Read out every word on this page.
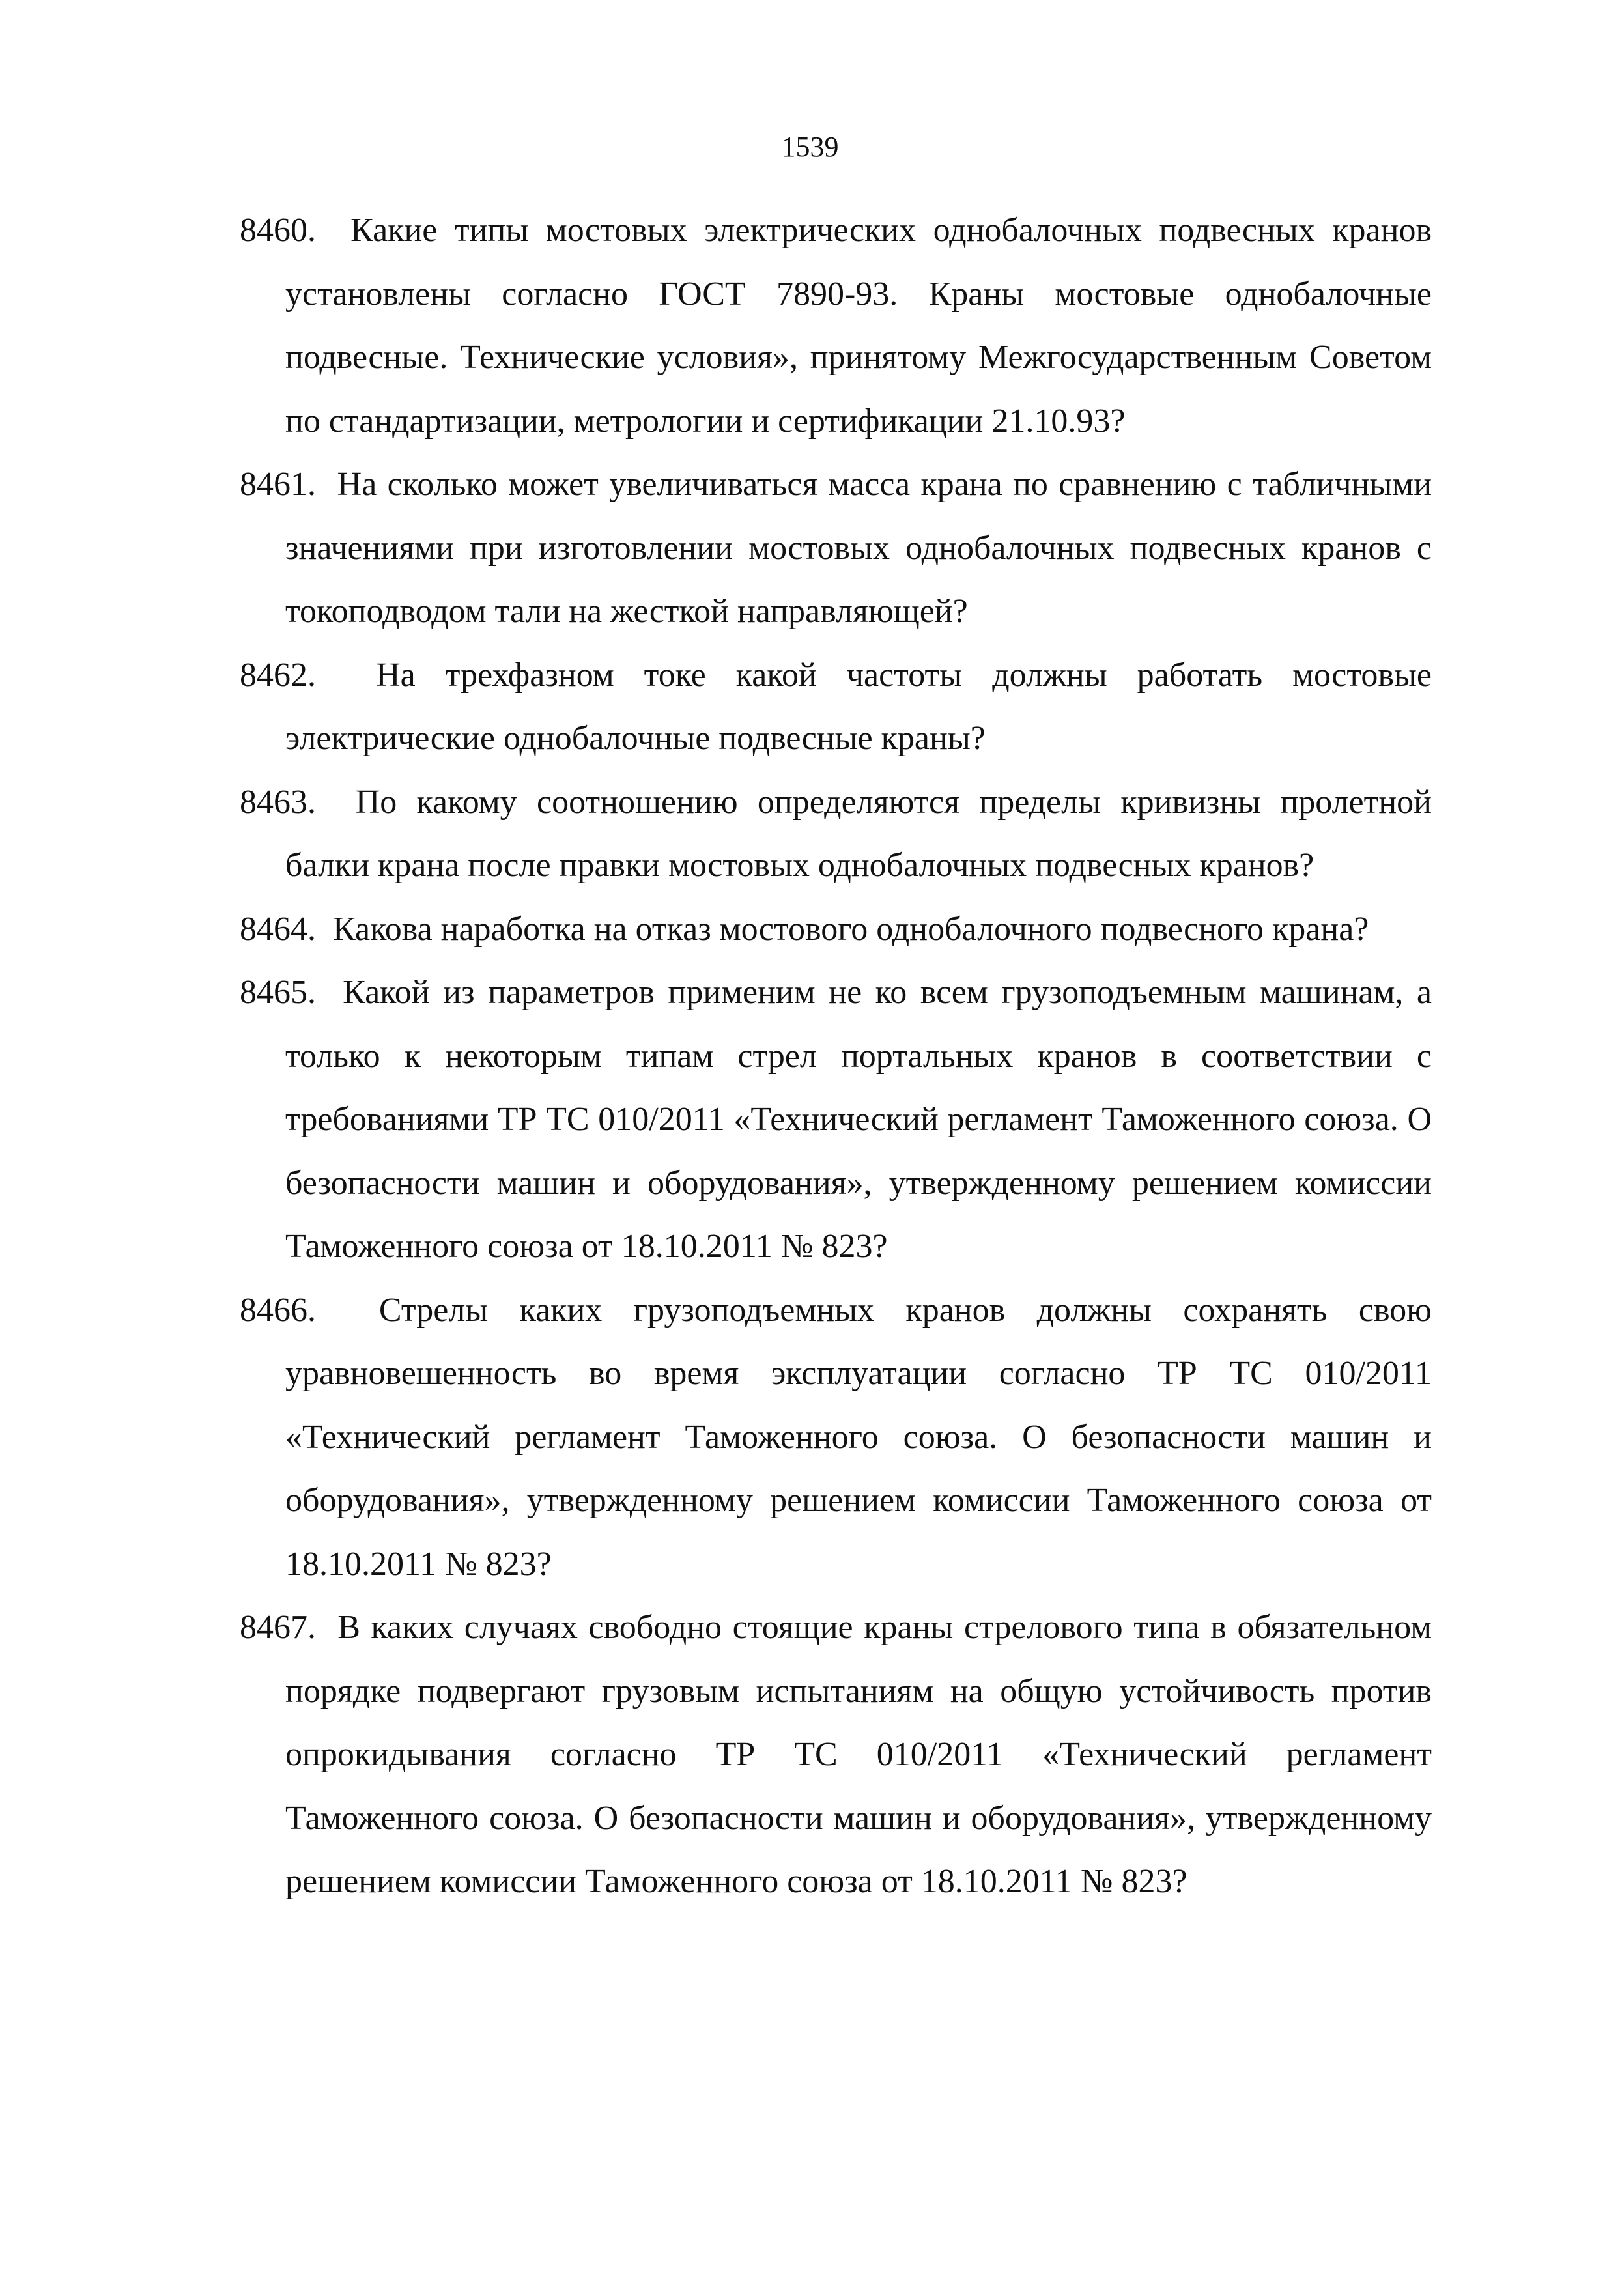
1539
8460.  Какие типы мостовых электрических однобалочных подвесных кранов установлены согласно ГОСТ 7890-93. Краны мостовые однобалочные подвесные. Технические условия», принятому Межгосударственным Советом по стандартизации, метрологии и сертификации 21.10.93?
8461.  На сколько может увеличиваться масса крана по сравнению с табличными значениями при изготовлении мостовых однобалочных подвесных кранов с токоподводом тали на жесткой направляющей?
8462.  На трехфазном токе какой частоты должны работать мостовые электрические однобалочные подвесные краны?
8463.  По какому соотношению определяются пределы кривизны пролетной балки крана после правки мостовых однобалочных подвесных кранов?
8464.  Какова наработка на отказ мостового однобалочного подвесного крана?
8465.  Какой из параметров применим не ко всем грузоподъемным машинам, а только к некоторым типам стрел портальных кранов в соответствии с требованиями ТР ТС 010/2011 «Технический регламент Таможенного союза. О безопасности машин и оборудования», утвержденному решением комиссии Таможенного союза от 18.10.2011 № 823?
8466.  Стрелы каких грузоподъемных кранов должны сохранять свою уравновешенность во время эксплуатации согласно ТР ТС 010/2011 «Технический регламент Таможенного союза. О безопасности машин и оборудования», утвержденному решением комиссии Таможенного союза от 18.10.2011 № 823?
8467.  В каких случаях свободно стоящие краны стрелового типа в обязательном порядке подвергают грузовым испытаниям на общую устойчивость против опрокидывания согласно ТР ТС 010/2011 «Технический регламент Таможенного союза. О безопасности машин и оборудования», утвержденному решением комиссии Таможенного союза от 18.10.2011 № 823?
